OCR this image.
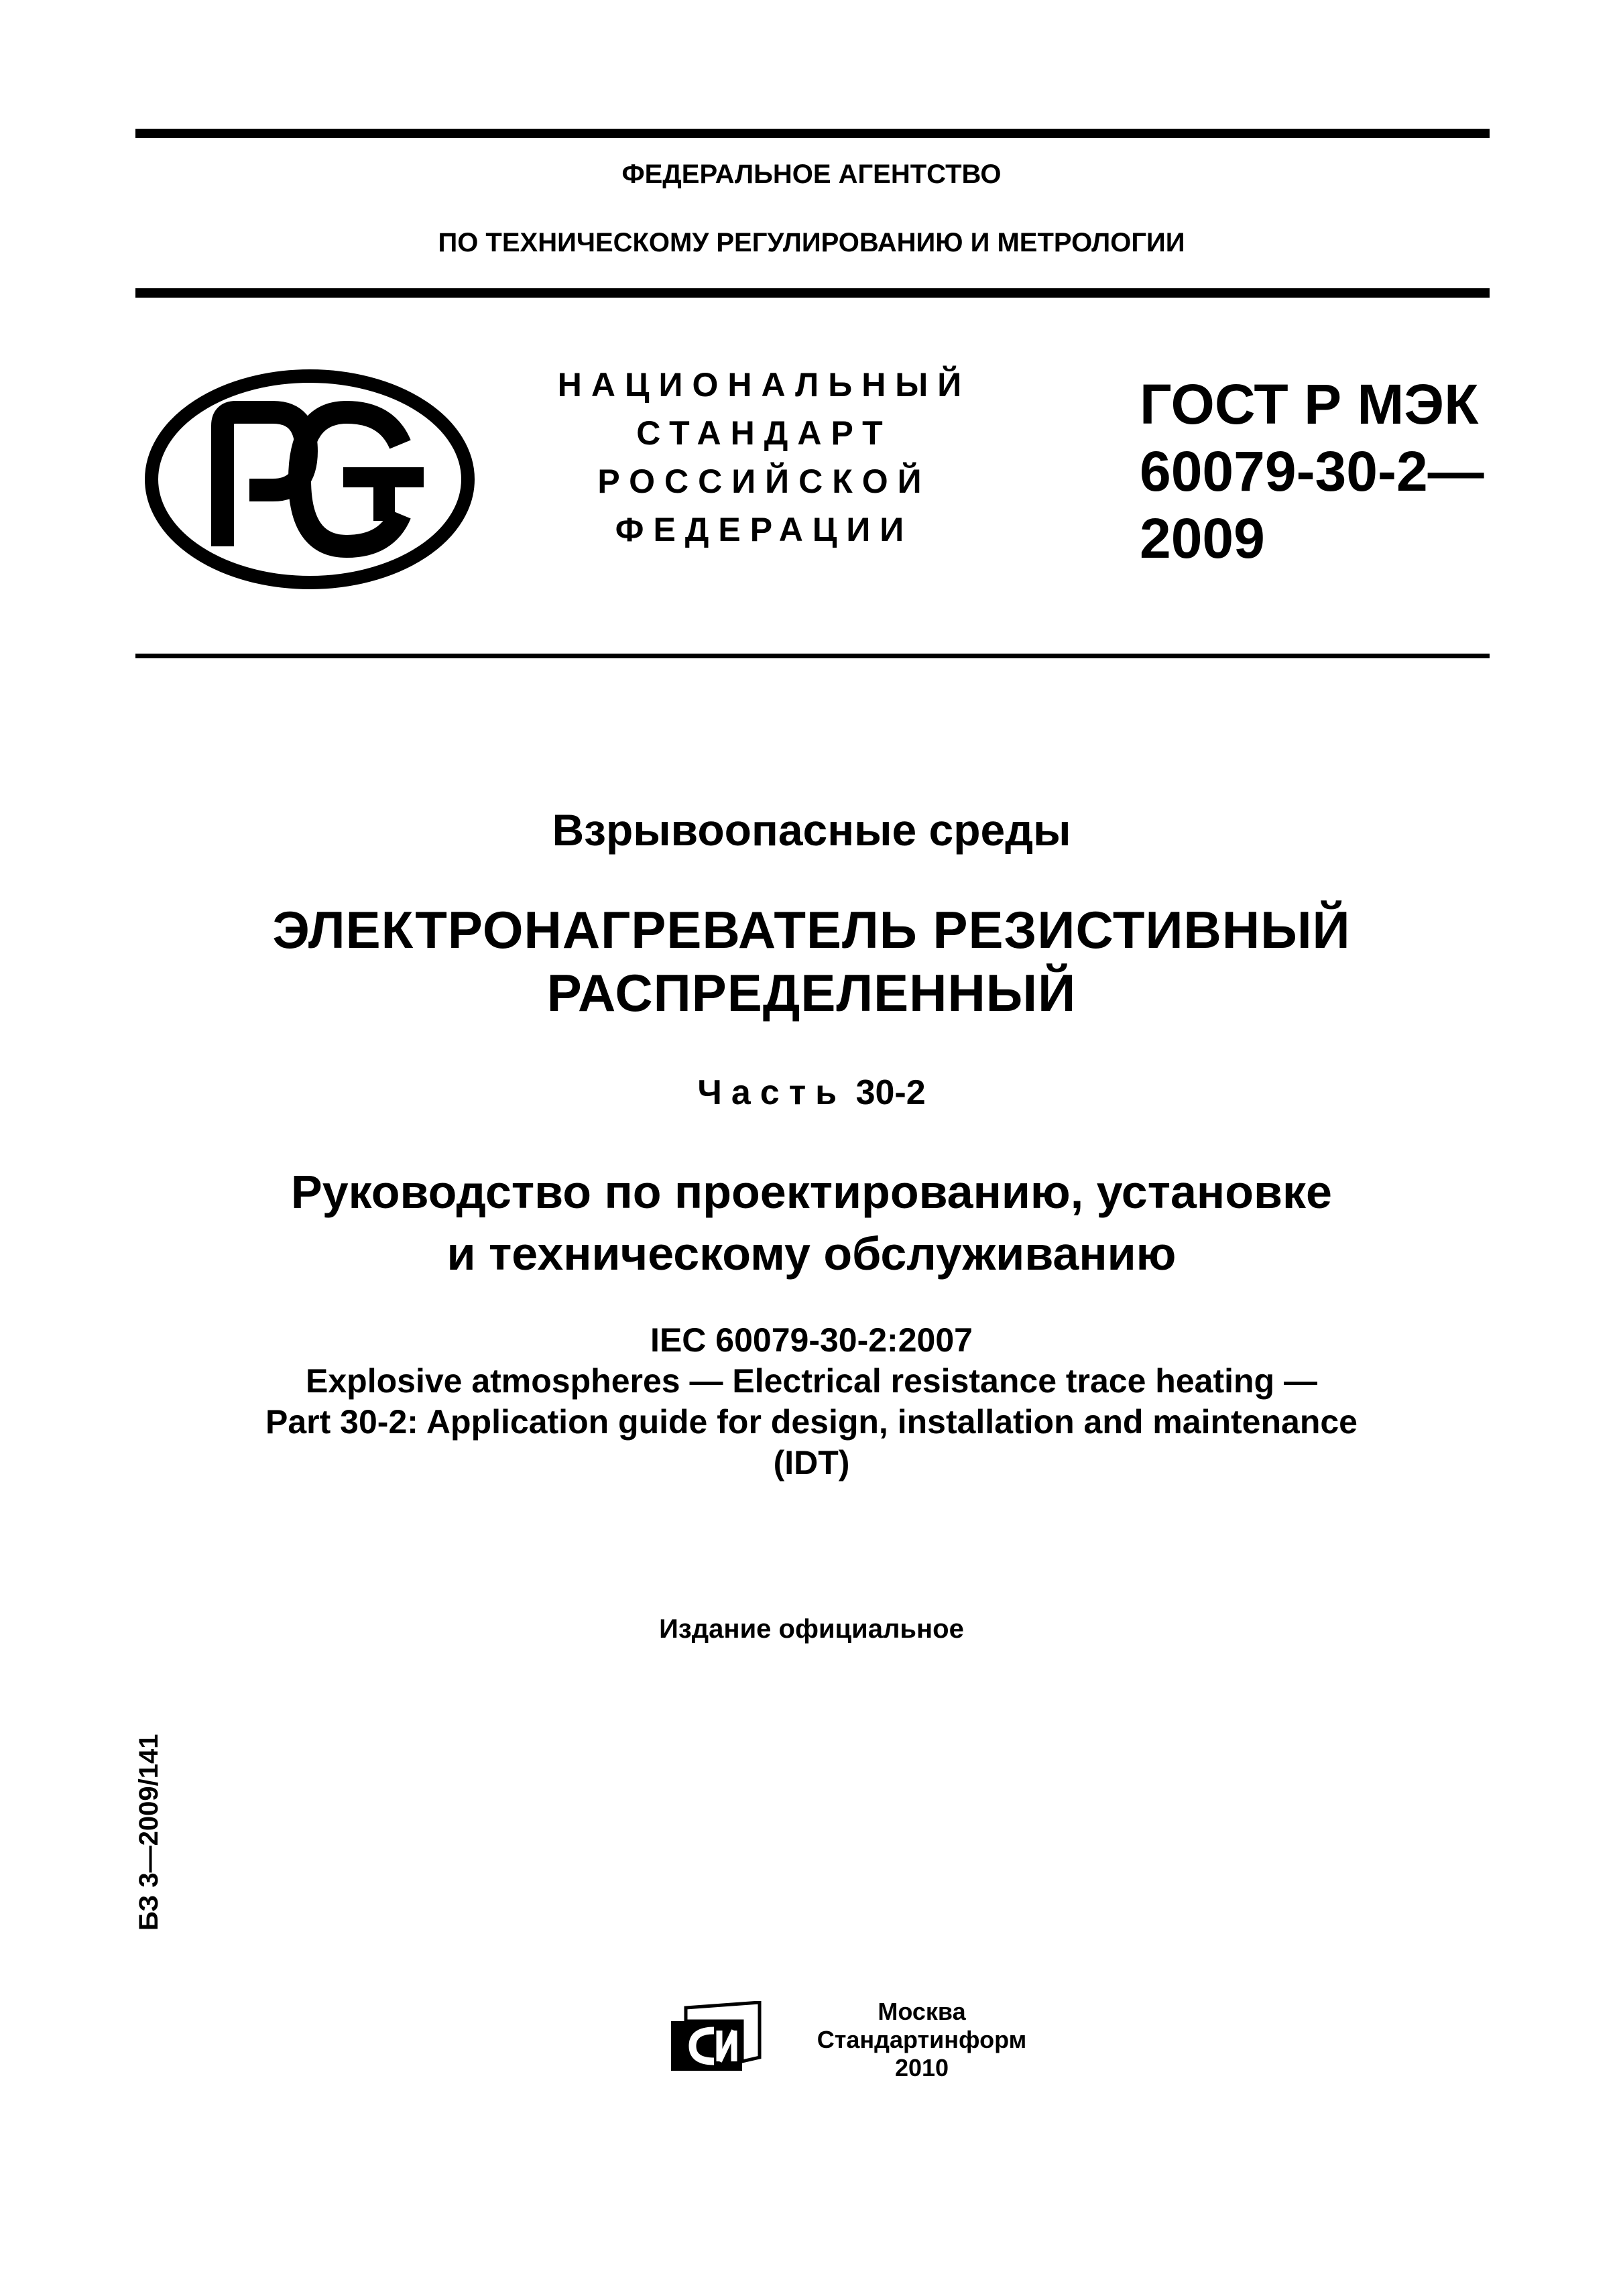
ФЕДЕРАЛЬНОЕ АГЕНТСТВО
ПО ТЕХНИЧЕСКОМУ РЕГУЛИРОВАНИЮ И МЕТРОЛОГИИ
НАЦИОНАЛЬНЫЙ
СТАНДАРТ
РОССИЙСКОЙ
ФЕДЕРАЦИИ
ГОСТ Р МЭК
60079-30-2—
2009
Взрывоопасные среды
ЭЛЕКТРОНАГРЕВАТЕЛЬ РЕЗИСТИВНЫЙ
РАСПРЕДЕЛЕННЫЙ
Часть 30-2
Руководство по проектированию, установке
и техническому обслуживанию
IEC 60079-30-2:2007
Explosive atmospheres — Electrical resistance trace heating —
Part 30-2: Application guide for design, installation and maintenance
(IDT)
Издание официальное
БЗ 3—2009/141
Москва
Стандартинформ
2010
